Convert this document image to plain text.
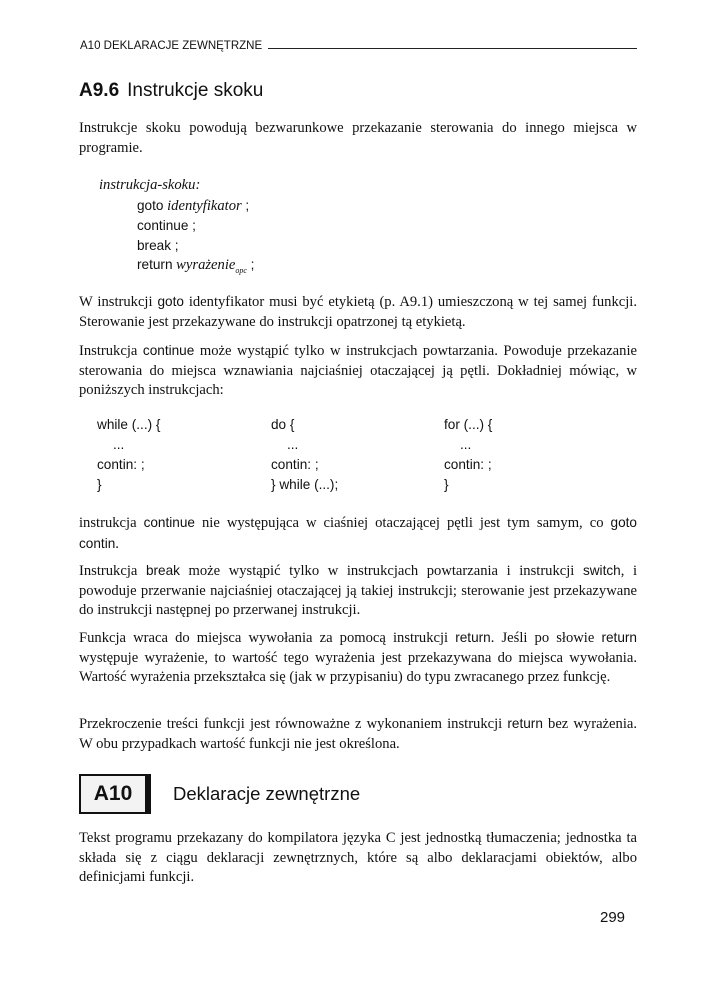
A10 DEKLARACJE ZEWNĘTRZNE
A9.6 Instrukcje skoku
Instrukcje skoku powodują bezwarunkowe przekazanie sterowania do innego miejsca w programie.
instrukcja-skoku:
goto identyfikator ;
continue ;
break ;
return wyrażenie$_{opc}$ ;
W instrukcji goto identyfikator musi być etykietą (p. A9.1) umieszczoną w tej samej funkcji. Sterowanie jest przekazywane do instrukcji opatrzonej tą etykietą.
Instrukcja continue może wystąpić tylko w instrukcjach powtarzania. Powoduje przekazanie sterowania do miejsca wznawiania najciaśniej otaczającej ją pętli. Dokładniej mówiąc, w poniższych instrukcjach:
while (...) {
...
contin: ;
}
do {
...
contin: ;
} while (...);
for (...) {
...
contin: ;
}
instrukcja continue nie występująca w ciaśniej otaczającej pętli jest tym samym, co goto contin.
Instrukcja break może wystąpić tylko w instrukcjach powtarzania i instrukcji switch, i powoduje przerwanie najciaśniej otaczającej ją takiej instrukcji; sterowanie jest przekazywane do instrukcji następnej po przerwanej instrukcji.
Funkcja wraca do miejsca wywołania za pomocą instrukcji return. Jeśli po słowie return występuje wyrażenie, to wartość tego wyrażenia jest przekazywana do miejsca wywołania. Wartość wyrażenia przekształca się (jak w przypisaniu) do typu zwracanego przez funkcję.
Przekroczenie treści funkcji jest równoważne z wykonaniem instrukcji return bez wyrażenia. W obu przypadkach wartość funkcji nie jest określona.
A10	Deklaracje zewnętrzne
Tekst programu przekazany do kompilatora języka C jest jednostką tłumaczenia; jednostka ta składa się z ciągu deklaracji zewnętrznych, które są albo deklaracjami obiektów, albo definicjami funkcji.
299
